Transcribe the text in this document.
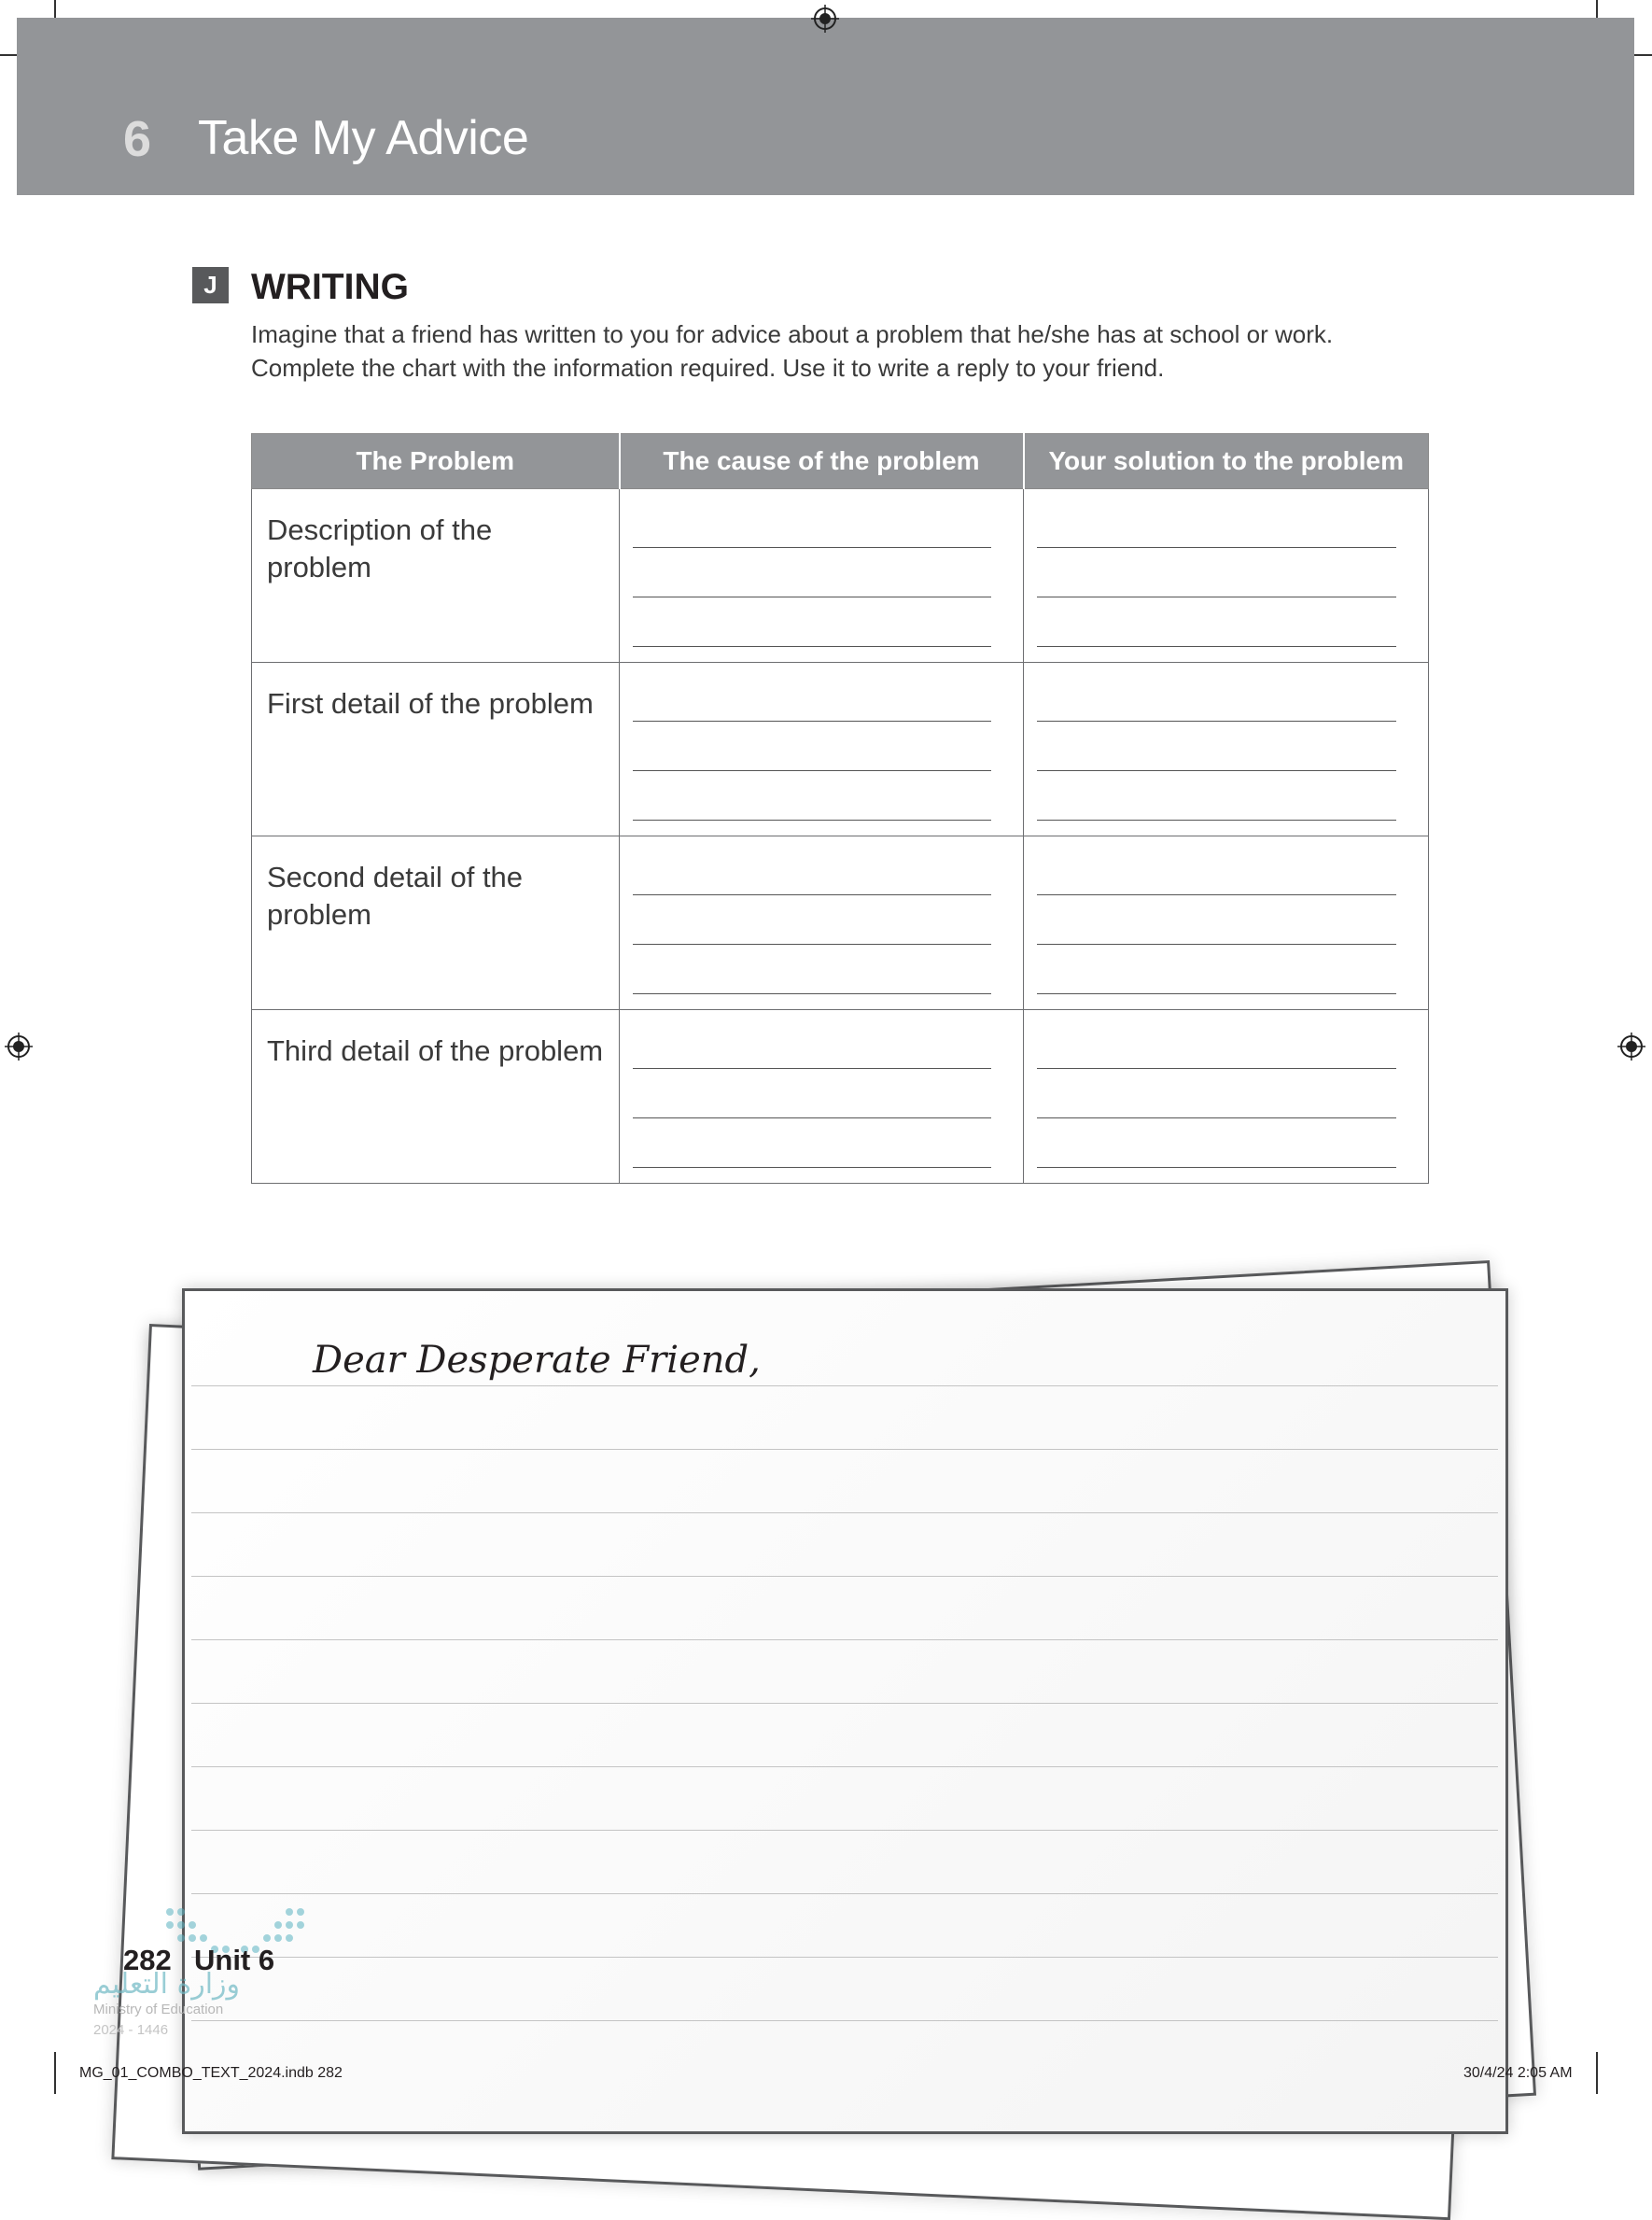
6 Take My Advice
J WRITING

Imagine that a friend has written to you for advice about a problem that he/she has at school or work.

Complete the chart with the information required. Use it to write a reply to your friend.

The Problem	The cause of the problem	Your solution to the problem

Description of the problem		

First detail of the problem		

Second detail of the problem		

Third detail of the problem		

Dear Desperate Friend,
وزارة التعليم
Ministry of Education
2024 - 1446
282 Unit 6
MG_01_COMBO_TEXT_2024.indb 282	30/4/24 2:05 AM
